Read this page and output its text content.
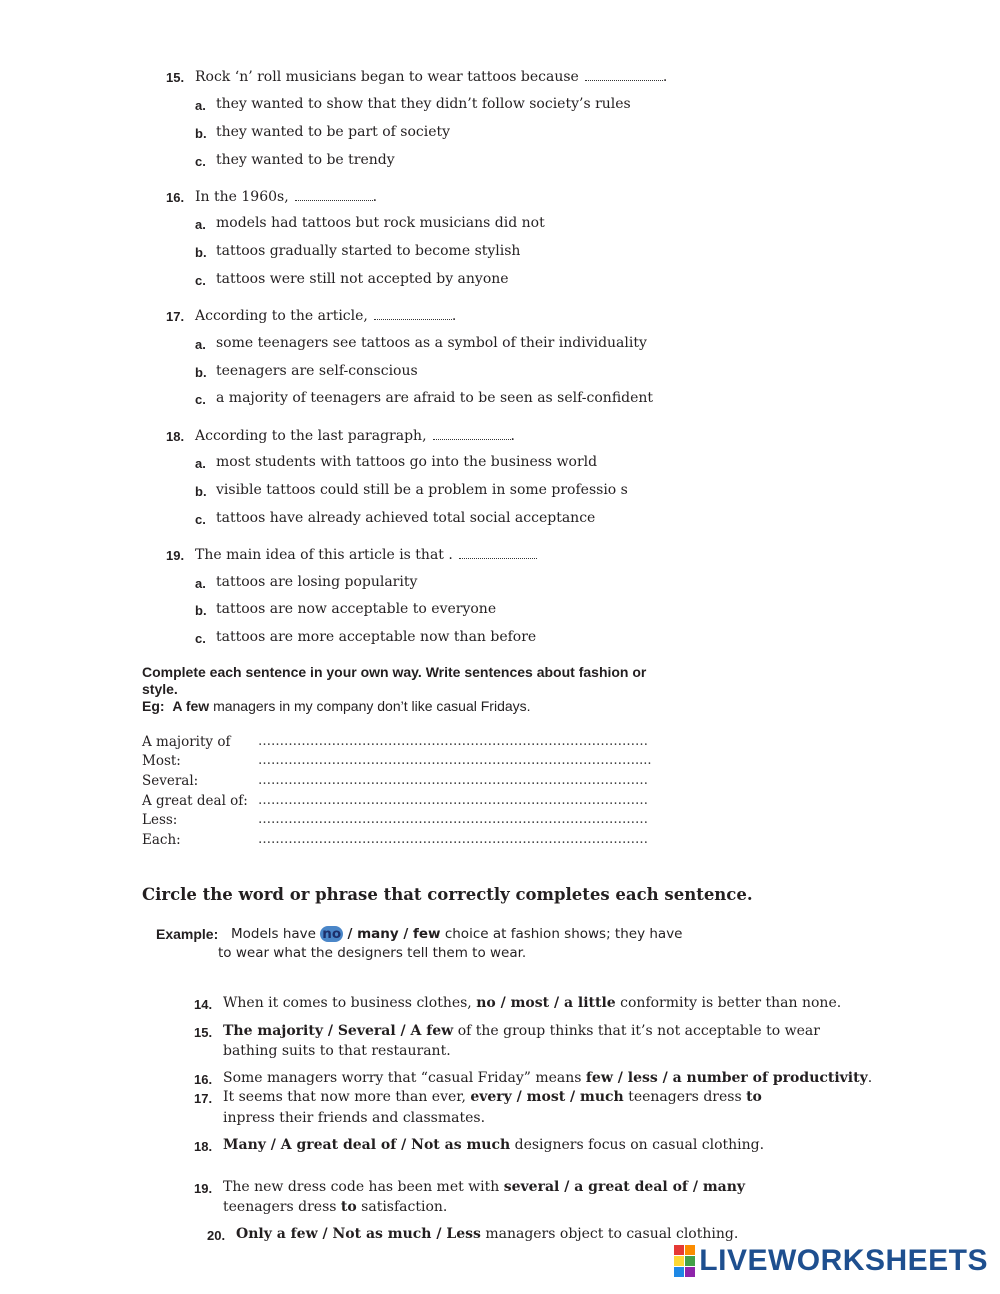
15. Rock ‘n’ roll musicians began to wear tattoos because	.
a. they wanted to show that they didn’t follow society’s rules
b. they wanted to be part of society
c. they wanted to be trendy
16. In the 1960s,	.
a. models had tattoos but rock musicians did not
b. tattoos gradually started to become stylish
c. tattoos were still not accepted by anyone
17. According to the article,	.
a. some teenagers see tattoos as a symbol of their individuality
b. teenagers are self-conscious
c. a majority of teenagers are afraid to be seen as self-confident
18. According to the last paragraph,	.
a. most students with tattoos go into the business world
b. visible tattoos could still be a problem in some professio s
c. tattoos have already achieved total social acceptance
19. The main idea of this article is that .
a. tattoos are losing popularity
b. tattoos are now acceptable to everyone
c. tattoos are more acceptable now than before
Complete each sentence in your own way. Write sentences about fashion or
style.
Eg: A few managers in my company don’t like casual Fridays.
A majority of ………………………………………………………………………………
Most:	……………………………………………………………………………....
Several:	………………………………………………………………………………
A great deal of: ………………………………………………………………………………
Less:	………………………………………………………………………………
Each:	………………………………………………………………………………
Circle the word or phrase that correctly completes each sentence.
Example: Models have no / many / few choice at fashion shows; they have
to wear what the designers tell them to wear.
14. When it comes to business clothes, no / most / a little conformity is better than none.
15. The majority / Several / A few of the group thinks that it’s not acceptable to wear
bathing suits to that restaurant.
16. Some managers worry that “casual Friday” means few / less / a number of productivity.
17. It seems that now more than ever, every / most / much teenagers dress to
inpress their friends and classmates.
18. Many / A great deal of / Not as much designers focus on casual clothing.
19. The new dress code has been met with several / a great deal of / many
teenagers dress to satisfaction.
20. Only a few / Not as much / Less managers object to casual clothing.
LIVEWORKSHEETS
